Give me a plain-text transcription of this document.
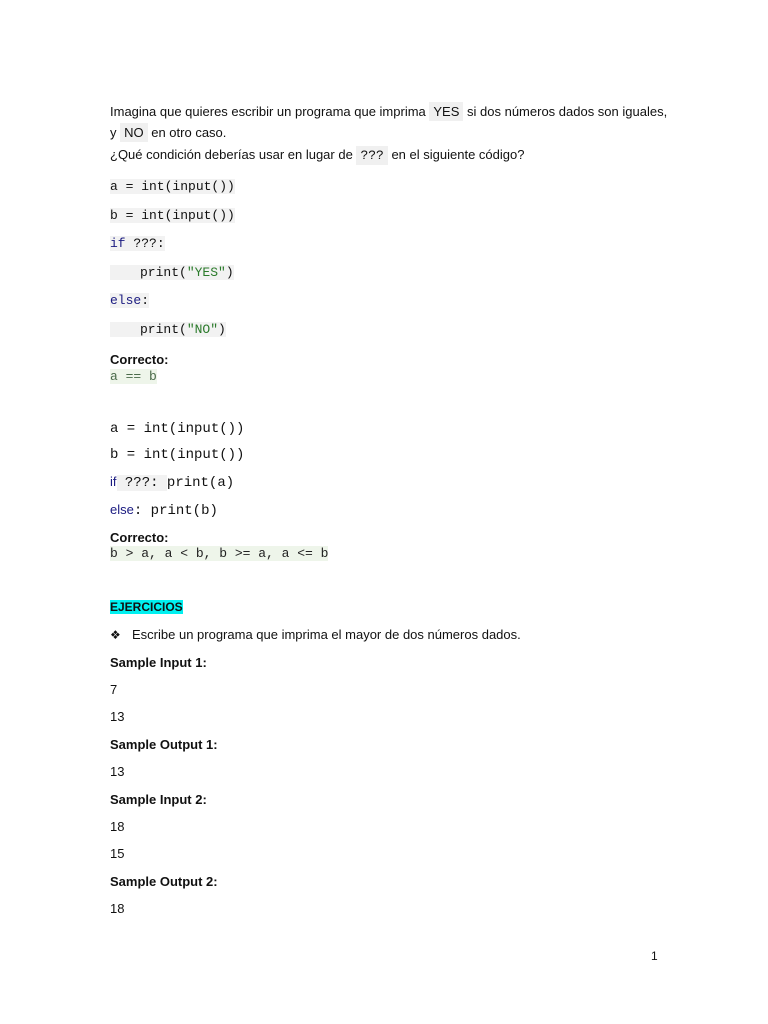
Imagina que quieres escribir un programa que imprima YES si dos números dados son iguales,
y NO en otro caso.
¿Qué condición deberías usar en lugar de ??? en el siguiente código?
a = int(input())
b = int(input())
if ???:
print("YES")
else:
print("NO")
Correcto:
a == b
a = int(input())
b = int(input())
if ???: print(a)
else: print(b)
Correcto:
b > a, a < b, b >= a, a <= b
EJERCICIOS
❖ Escribe un programa que imprima el mayor de dos números dados.
Sample Input 1:
7
13
Sample Output 1:
13
Sample Input 2:
18
15
Sample Output 2:
18
1
